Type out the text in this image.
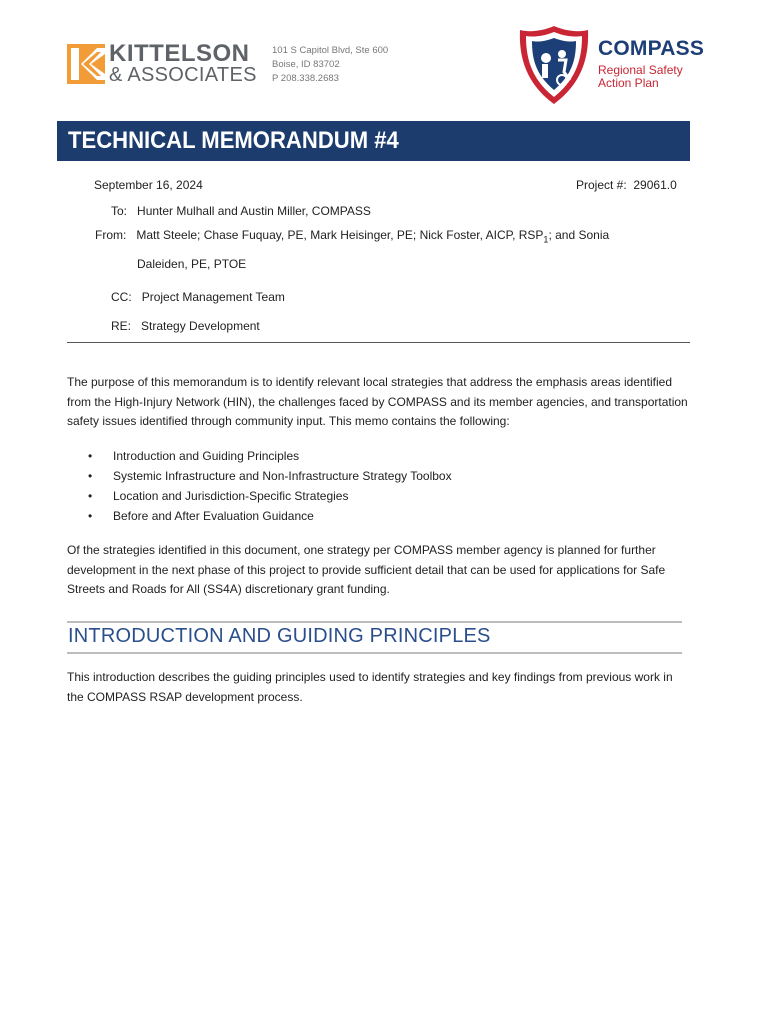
KITTELSON
& ASSOCIATES
101 S Capitol Blvd, Ste 600
Boise, ID 83702
P 208.338.2683
COMPASS
Regional Safety
Action Plan
TECHNICAL MEMORANDUM #4
September 16, 2024	Project #: 29061.0
To: Hunter Mulhall and Austin Miller, COMPASS
From: Matt Steele; Chase Fuquay, PE, Mark Heisinger, PE; Nick Foster, AICP, $RSP_1$; and Sonia
Daleiden, PE, PTOE
CC: Project Management Team
RE: Strategy Development
The purpose of this memorandum is to identify relevant local strategies that address the emphasis areas identified from the High-Injury Network (HIN), the challenges faced by COMPASS and its member agencies, and transportation safety issues identified through community input. This memo contains the following:
• Introduction and Guiding Principles
• Systemic Infrastructure and Non-Infrastructure Strategy Toolbox
• Location and Jurisdiction-Specific Strategies
• Before and After Evaluation Guidance
Of the strategies identified in this document, one strategy per COMPASS member agency is planned for further development in the next phase of this project to provide sufficient detail that can be used for applications for Safe Streets and Roads for All (SS4A) discretionary grant funding.
INTRODUCTION AND GUIDING PRINCIPLES
This introduction describes the guiding principles used to identify strategies and key findings from previous work in the COMPASS RSAP development process.
